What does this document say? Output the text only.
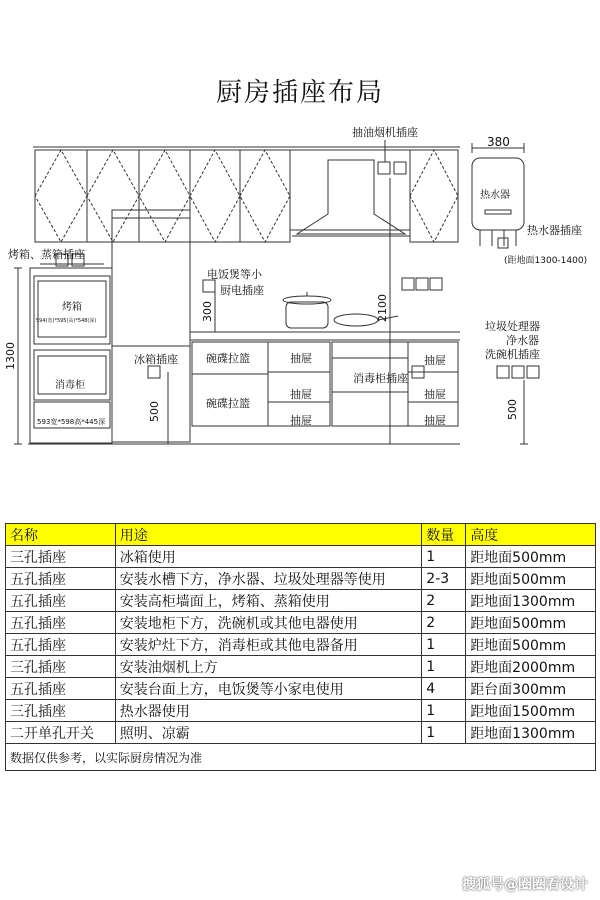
厨房插座布局
抽油烟机插座
380
热水器
热水器插座
(距地面1300-1400)
烤箱、蒸箱插座
烤箱
594(宽)*595(高)*548(深)
消毒柜
593宽*598高*445深
冰箱插座
电饭煲等小
厨电插座
碗碟拉篮
碗碟拉篮
抽屉
抽屉
抽屉
消毒柜插座
抽屉
抽屉
抽屉
垃圾处理器
净水器
洗碗机插座
1300
500
300	2100
500
名称	用途	数量	高度
三孔插座	冰箱使用	1	距地面500mm
五孔插座	安装水槽下方，净水器、垃圾处理器等使用	2-3	距地面500mm
五孔插座	安装高柜墙面上，烤箱、蒸箱使用	2	距地面1300mm
五孔插座	安装地柜下方，洗碗机或其他电器使用	2	距地面500mm
五孔插座	安装炉灶下方，消毒柜或其他电器备用	1	距地面500mm
三孔插座	安装油烟机上方	1	距地面2000mm
五孔插座	安装台面上方，电饭煲等小家电使用	4	距台面300mm
三孔插座	热水器使用	1	距地面1500mm
二开单孔开关	照明、凉霸	1	距地面1300mm
数据仅供参考，以实际厨房情况为准			
搜狐号@圈圈看设计
